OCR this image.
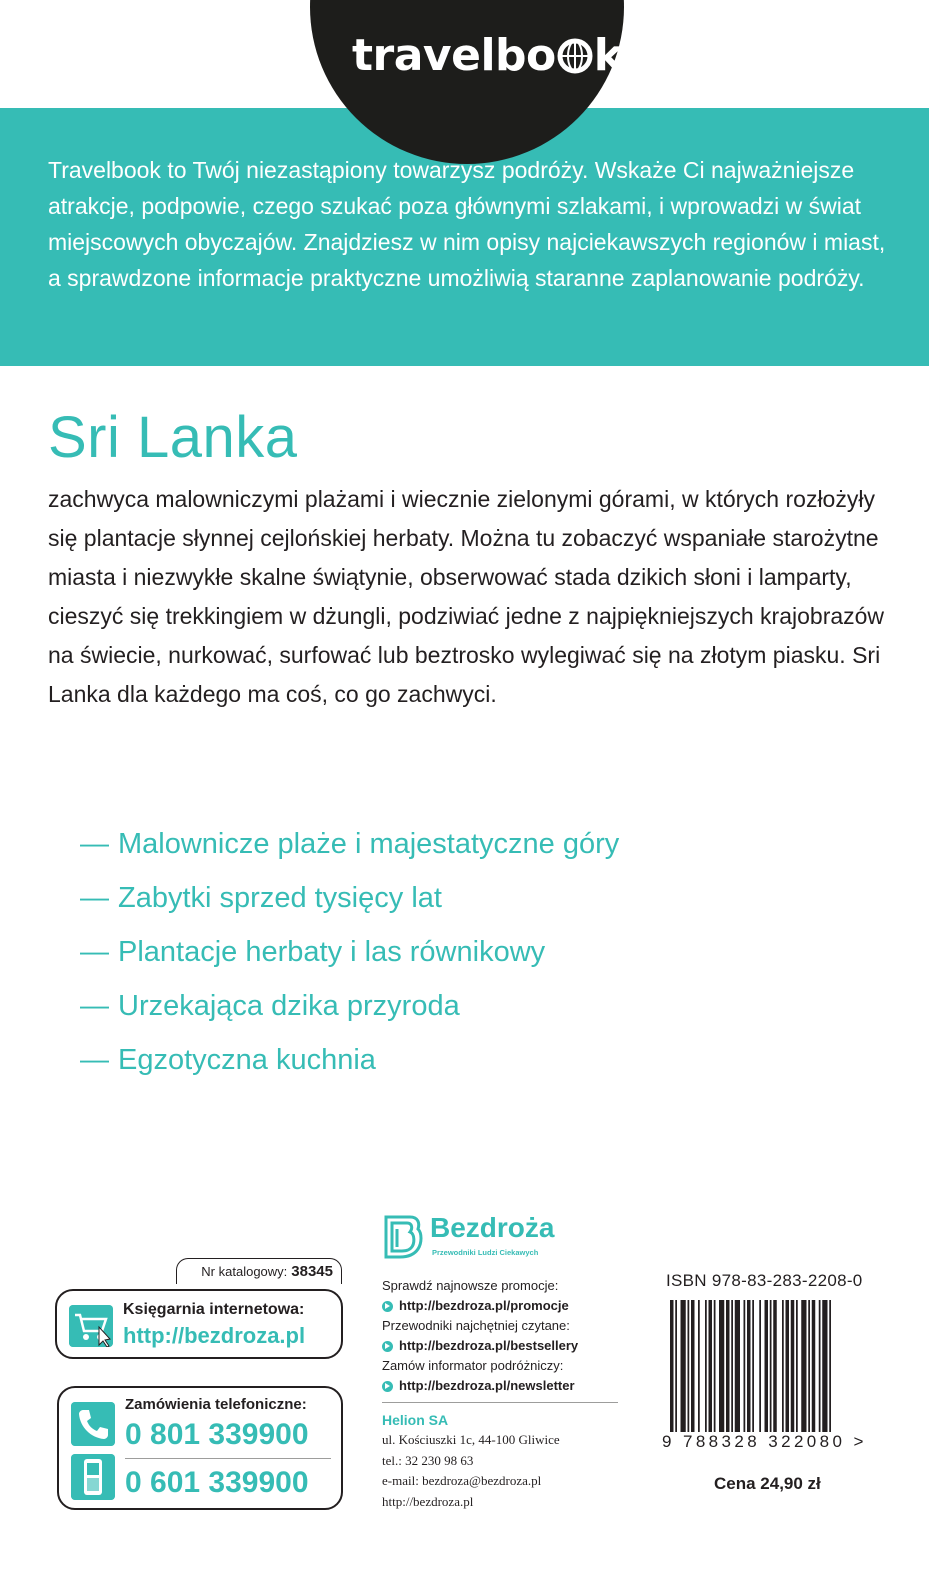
travelbo k

Travelbook to Twój niezastąpiony towarzysz podróży. Wskaże Ci najważniejsze atrakcje, podpowie, czego szukać poza głównymi szlakami, i wprowadzi w świat miejscowych obyczajów. Znajdziesz w nim opisy najciekawszych regionów i miast, a sprawdzone informacje praktyczne umożliwią staranne zaplanowanie podróży.

Sri Lanka

zachwyca malowniczymi plażami i wiecznie zielonymi górami, w których rozłożyły się plantacje słynnej cejlońskiej herbaty. Można tu zobaczyć wspaniałe starożytne miasta i niezwykłe skalne świątynie, obserwować stada dzikich słoni i lamparty, cieszyć się trekkingiem w dżungli, podziwiać jedne z najpiękniejszych krajobrazów na świecie, nurkować, surfować lub beztrosko wylegiwać się na złotym piasku. Sri Lanka dla każdego ma coś, co go zachwyci.

— Malownicze plaże i majestatyczne góry
— Zabytki sprzed tysięcy lat
— Plantacje herbaty i las równikowy
— Urzekająca dzika przyroda
— Egzotyczna kuchnia
Nr katalogowy: 38345
Księgarnia internetowa:
http://bezdroza.pl
Zamówienia telefoniczne:
0 801 339900
0 601 339900
Bezdroża
Przewodniki Ludzi Ciekawych
Sprawdź najnowsze promocje:
http://bezdroza.pl/promocje
Przewodniki najchętniej czytane:
http://bezdroza.pl/bestsellery
Zamów informator podróżniczy:
http://bezdroza.pl/newsletter
Helion SA
ul. Kościuszki 1c, 44-100 Gliwice
tel.: 32 230 98 63
e-mail: bezdroza@bezdroza.pl
http://bezdroza.pl
ISBN 978-83-283-2208-0
9 788328 322080 >
Cena 24,90 zł
